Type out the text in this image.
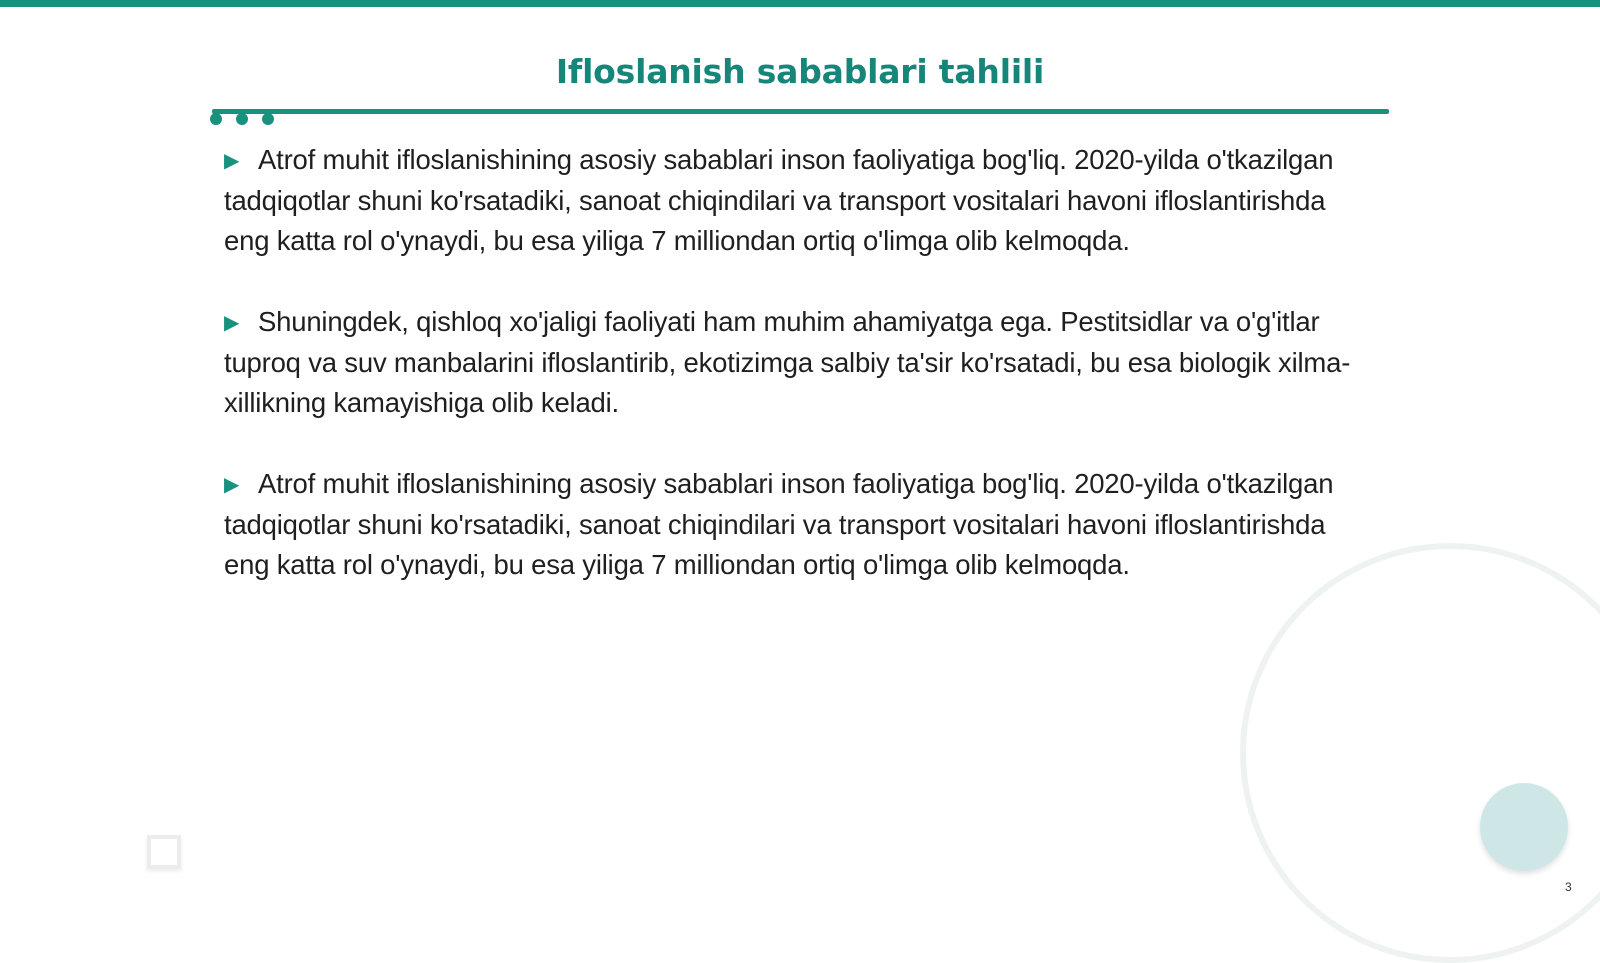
Ifloslanish sabablari tahlili

▶ Atrof muhit ifloslanishining asosiy sabablari inson faoliyatiga bog'liq. 2020-yilda o'tkazilgan tadqiqotlar shuni ko'rsatadiki, sanoat chiqindilari va transport vositalari havoni ifloslantirishda eng katta rol o'ynaydi, bu esa yiliga 7 milliondan ortiq o'limga olib kelmoqda.

▶ Shuningdek, qishloq xo'jaligi faoliyati ham muhim ahamiyatga ega. Pestitsidlar va o'g'itlar tuproq va suv manbalarini ifloslantirib, ekotizimga salbiy ta'sir ko'rsatadi, bu esa biologik xilma-xillikning kamayishiga olib keladi.

▶ Atrof muhit ifloslanishining asosiy sabablari inson faoliyatiga bog'liq. 2020-yilda o'tkazilgan tadqiqotlar shuni ko'rsatadiki, sanoat chiqindilari va transport vositalari havoni ifloslantirishda eng katta rol o'ynaydi, bu esa yiliga 7 milliondan ortiq o'limga olib kelmoqda.

3
